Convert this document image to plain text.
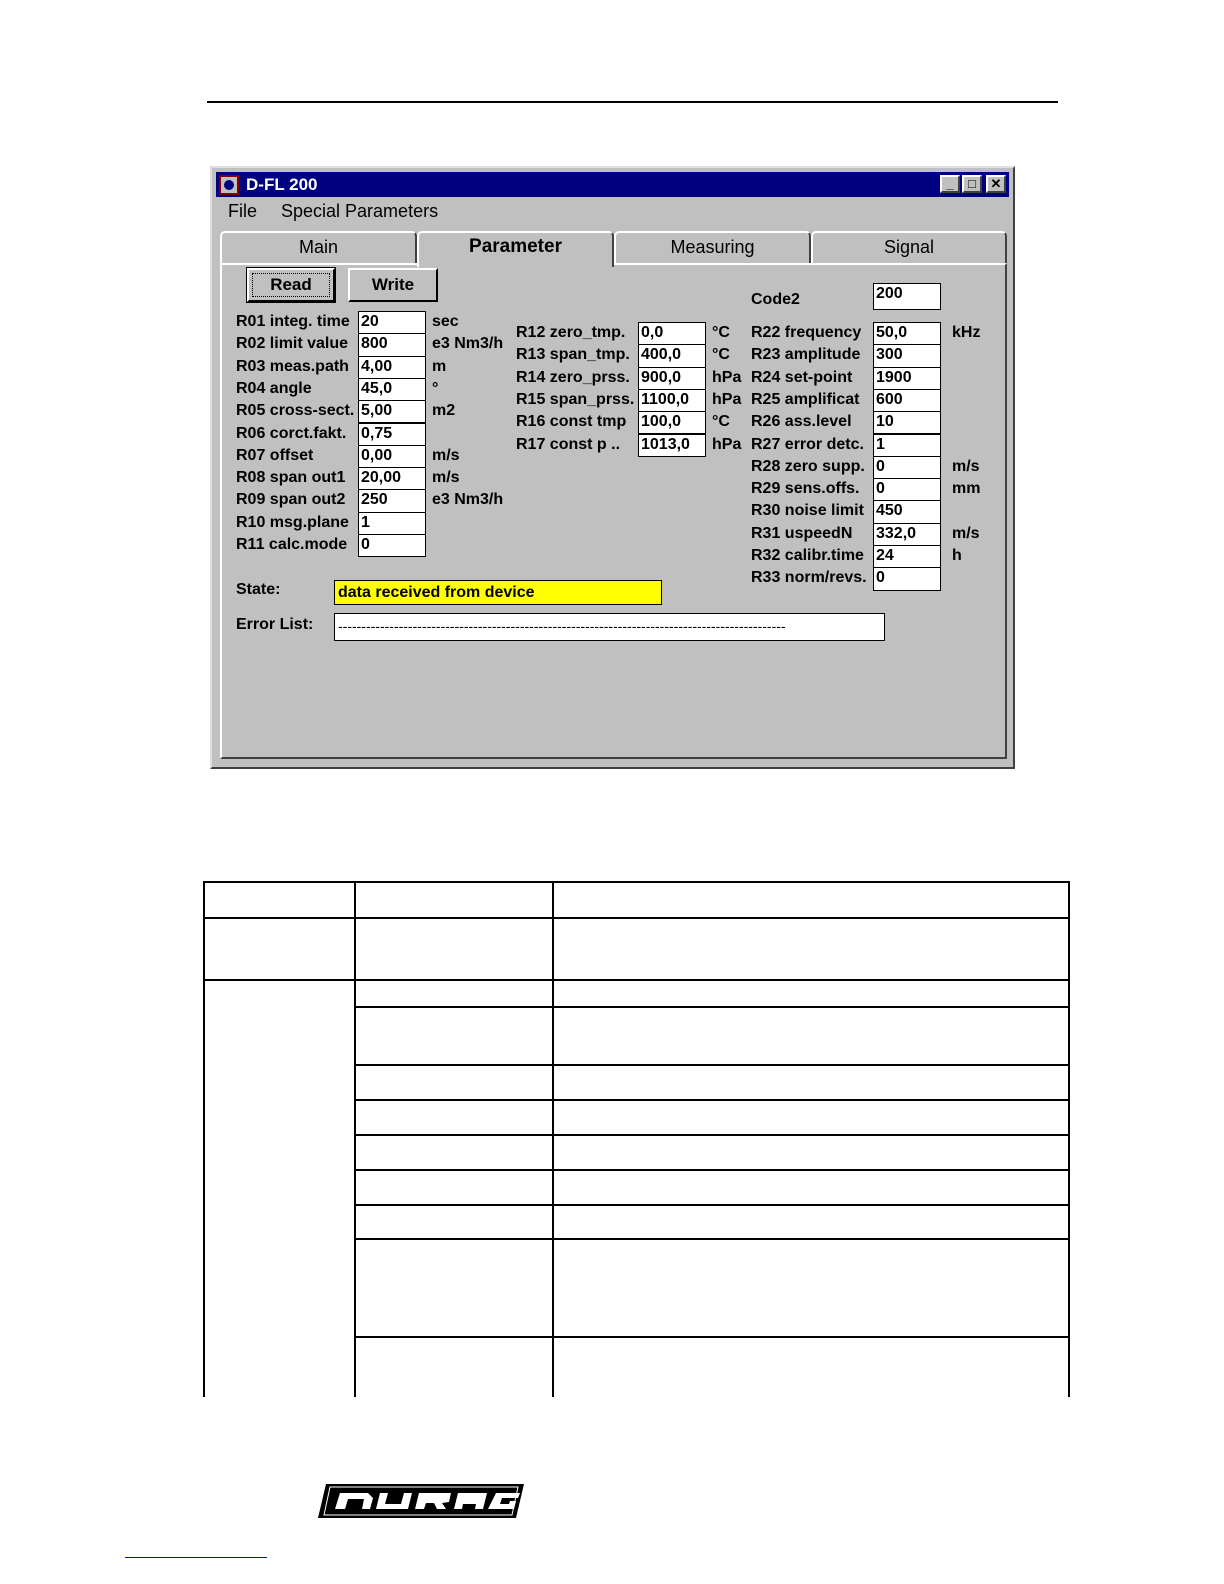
D-FL 200	_	□	✕
File Special Parameters
Main	Parameter	Measuring	Signal
Read	Write
Code2	200
R01 integ. time 20	sec
R02 limit value 800	e3 Nm3/h
R03 meas.path 4,00	m
R04 angle	45,0	°
R05 cross-sect. 5,00	m2
R06 corct.fakt. 0,75
R07 offset	0,00	m/s
R08 span out1 20,00	m/s
R09 span out2 250	e3 Nm3/h
R10 msg.plane 1
R11 calc.mode 0
R12 zero_tmp. 0,0	°C
R13 span_tmp. 400,0	°C
R14 zero_prss. 900,0	hPa
R15 span_prss. 1100,0	hPa
R16 const tmp 100,0	°C
R17 const p .. 1013,0	hPa
R22 frequency 50,0	kHz
R23 amplitude 300
R24 set-point 1900
R25 amplificat 600
R26 ass.level 10
R27 error detc. 1
R28 zero supp. 0	m/s
R29 sens.offs. 0	mm
R30 noise limit 450
R31 uspeedN 332,0	m/s
R32 calibr.time 24	h
R33 norm/revs. 0
State:	data received from device
Error List: ------------------------------------------------------------------------------------------------
